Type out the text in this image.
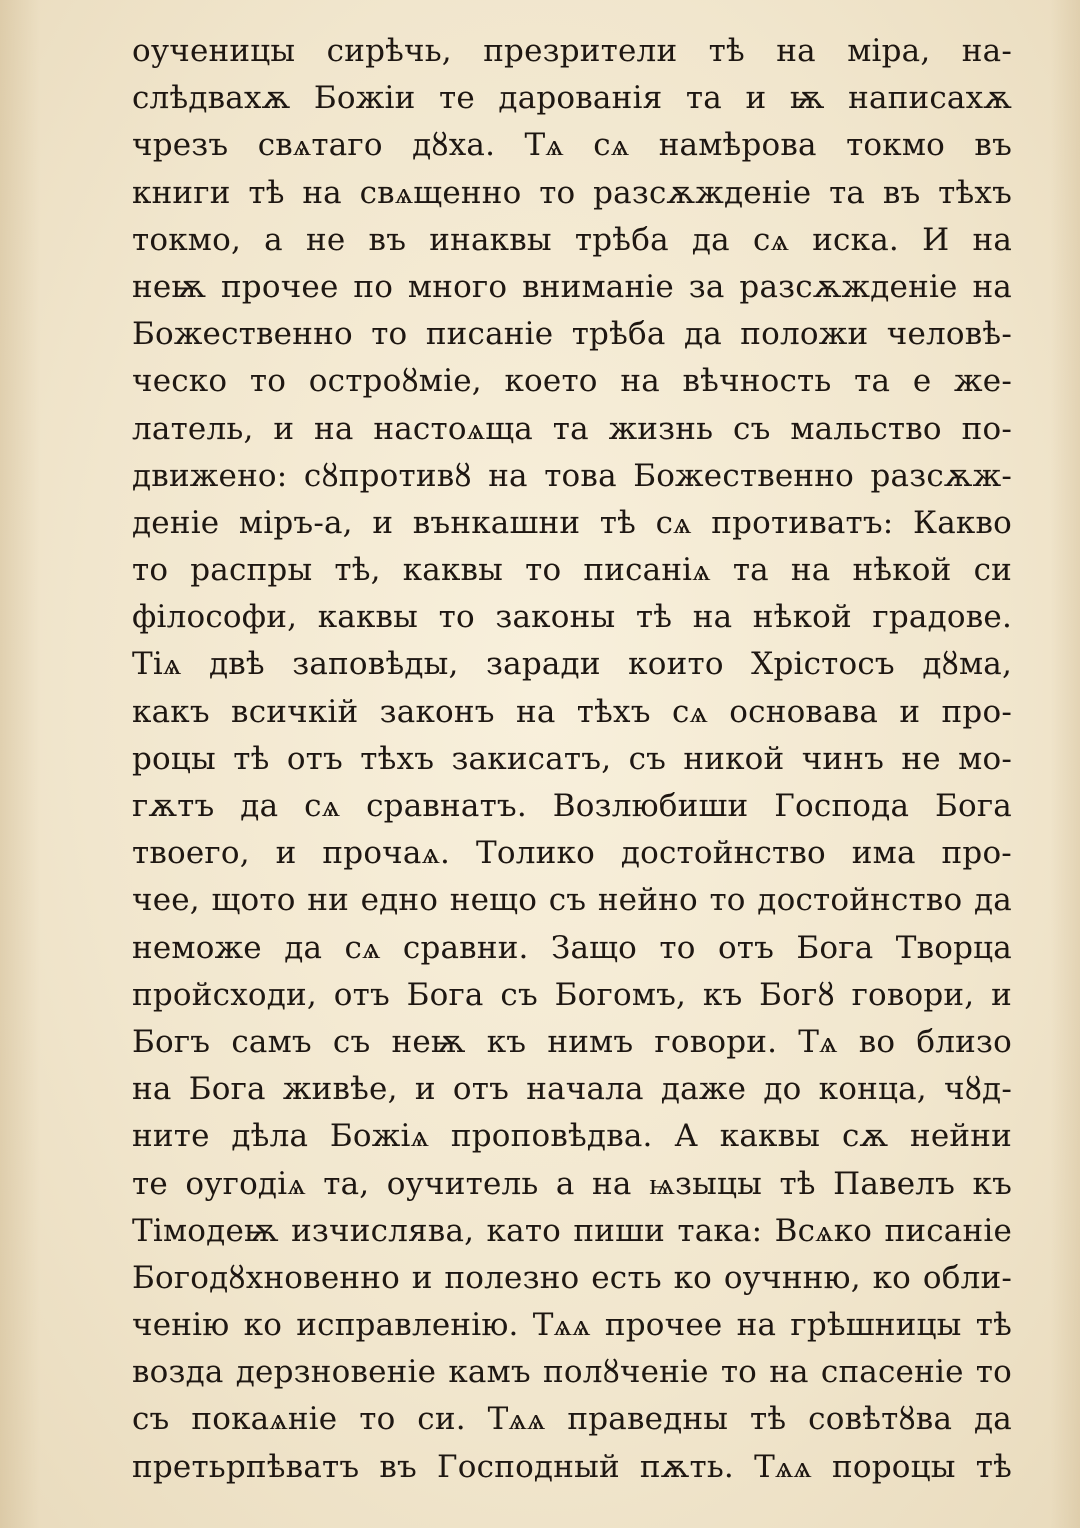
оученицы сирѣчь, презрители тѣ на міра, на-
слѣдвахѫ Божіи те дарованія та и ѭ написахѫ
чрезъ свѧтаго дȣха. Тѧ сѧ намѣрова токмо въ
книги тѣ на свѧщенно то разсѫжденіе та въ тѣхъ
токмо, а не въ инаквы трѣба да сѧ иска. И на
неѭ прочее по много вниманіе за разсѫжденіе на
Божественно то писаніе трѣба да положи человѣ-
ческо то остроȣміе, което на вѣчность та е же-
латель, и на настоѧща та жизнь съ мальство по-
движено: сȣпротивȣ на това Божественно разсѫж-
деніе міръ-а, и вънкашни тѣ сѧ противатъ: Какво
то распры тѣ, каквы то писаніѧ та на нѣкой си
філософи, каквы то законы тѣ на нѣкой градове.
Тіѧ двѣ заповѣды, заради които Хрістосъ дȣма,
какъ всичкій законъ на тѣхъ сѧ основава и про-
роцы тѣ отъ тѣхъ закисатъ, съ никой чинъ не мо-
гѫтъ да сѧ сравнатъ. Возлюбиши Господа Бога
твоего, и прочаѧ. Толико достойнство има про-
чее, щото ни едно нещо съ нейно то достойнство да
неможе да сѧ сравни. Защо то отъ Бога Творца
пройсходи, отъ Бога съ Богомъ, къ Богȣ говори, и
Богъ самъ съ неѭ къ нимъ говори. Тѧ во близо
на Бога живѣе, и отъ начала даже до конца, чȣд-
ните дѣла Божіѧ проповѣдва. А каквы сѫ нейни
те оугодіѧ та, оучитель а на ѩзыцы тѣ Павелъ къ
Тімодеѭ изчислява, като пиши така: Всѧко писаніе
Богодȣхновенно и полезно есть ко оучнню, ко обли-
ченію ко исправленію. Тѧѧ прочее на грѣшницы тѣ
возда дерзновеніе камъ полȣченіе то на спасеніе то
съ покаѧніе то си. Тѧѧ праведны тѣ совѣтȣва да
претьрпѣватъ въ Господный пѫть. Тѧѧ пороцы тѣ
